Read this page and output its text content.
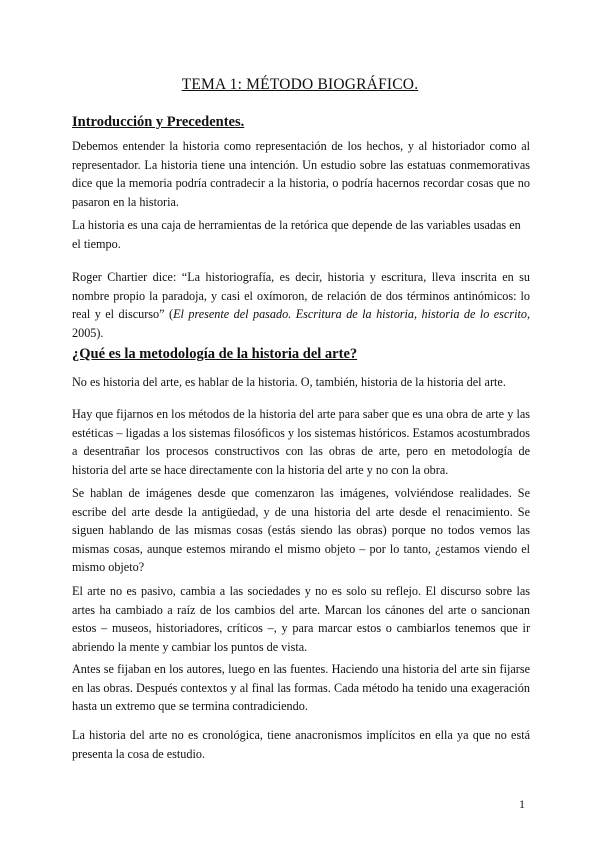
TEMA 1: MÉTODO BIOGRÁFICO.
Introducción y Precedentes.
Debemos entender la historia como representación de los hechos, y al historiador como al representador. La historia tiene una intención. Un estudio sobre las estatuas conmemorativas dice que la memoria podría contradecir a la historia, o podría hacernos recordar cosas que no pasaron en la historia.
La historia es una caja de herramientas de la retórica que depende de las variables usadas en el tiempo.
Roger Chartier dice: “La historiografía, es decir, historia y escritura, lleva inscrita en su nombre propio la paradoja, y casi el oxímoron, de relación de dos términos antinómicos: lo real y el discurso” (El presente del pasado. Escritura de la historia, historia de lo escrito, 2005).
¿Qué es la metodología de la historia del arte?
No es historia del arte, es hablar de la historia. O, también, historia de la historia del arte.
Hay que fijarnos en los métodos de la historia del arte para saber que es una obra de arte y las estéticas – ligadas a los sistemas filosóficos y los sistemas históricos. Estamos acostumbrados a desentrañar los procesos constructivos con las obras de arte, pero en metodología de historia del arte se hace directamente con la historia del arte y no con la obra.
Se hablan de imágenes desde que comenzaron las imágenes, volviéndose realidades. Se escribe del arte desde la antigüedad, y de una historia del arte desde el renacimiento. Se siguen hablando de las mismas cosas (estás siendo las obras) porque no todos vemos las mismas cosas, aunque estemos mirando el mismo objeto – por lo tanto, ¿estamos viendo el mismo objeto?
El arte no es pasivo, cambia a las sociedades y no es solo su reflejo. El discurso sobre las artes ha cambiado a raíz de los cambios del arte. Marcan los cánones del arte o sancionan estos – museos, historiadores, críticos –, y para marcar estos o cambiarlos tenemos que ir abriendo la mente y cambiar los puntos de vista.
Antes se fijaban en los autores, luego en las fuentes. Haciendo una historia del arte sin fijarse en las obras. Después contextos y al final las formas. Cada método ha tenido una exageración hasta un extremo que se termina contradiciendo.
La historia del arte no es cronológica, tiene anacronismos implícitos en ella ya que no está presenta la cosa de estudio.
1
